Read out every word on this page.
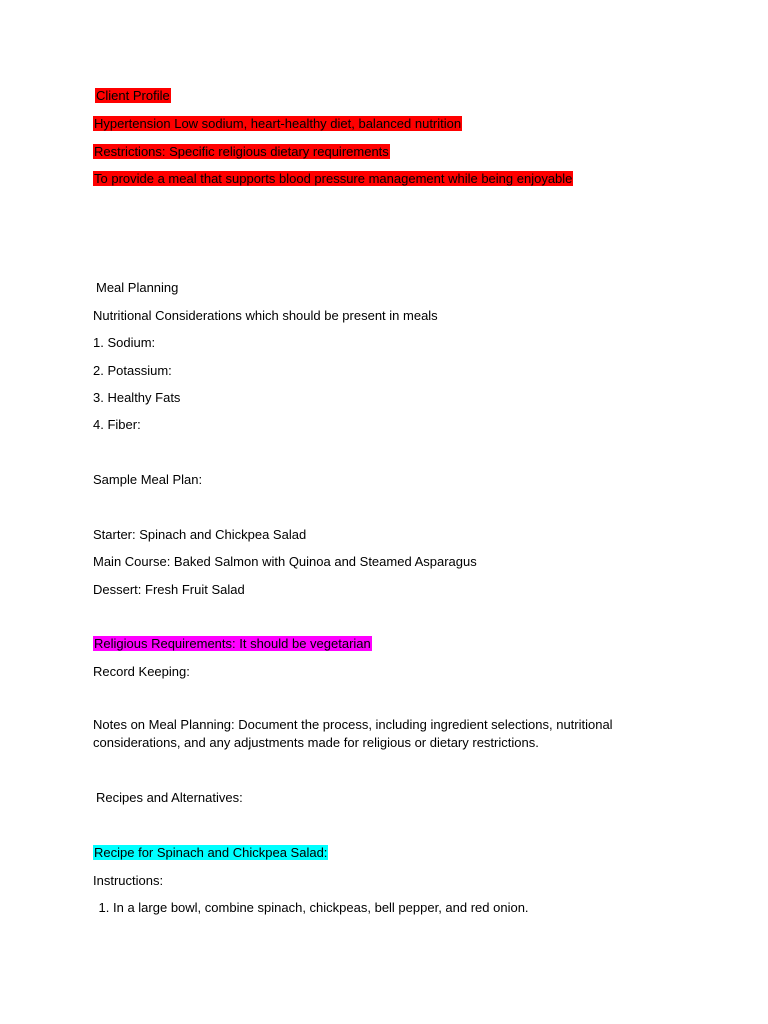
Client Profile
Hypertension Low sodium, heart-healthy diet, balanced nutrition
Restrictions: Specific religious dietary requirements
To provide a meal that supports blood pressure management while being enjoyable
Meal Planning
Nutritional Considerations which should be present in meals
1. Sodium:
2. Potassium:
3. Healthy Fats
4. Fiber:
Sample Meal Plan:
Starter: Spinach and Chickpea Salad
Main Course: Baked Salmon with Quinoa and Steamed Asparagus
Dessert: Fresh Fruit Salad
Religious Requirements: It should be vegetarian
Record Keeping:
Notes on Meal Planning: Document the process, including ingredient selections, nutritional considerations, and any adjustments made for religious or dietary restrictions.
Recipes and Alternatives:
Recipe for Spinach and Chickpea Salad:
Instructions:
1. In a large bowl, combine spinach, chickpeas, bell pepper, and red onion.
